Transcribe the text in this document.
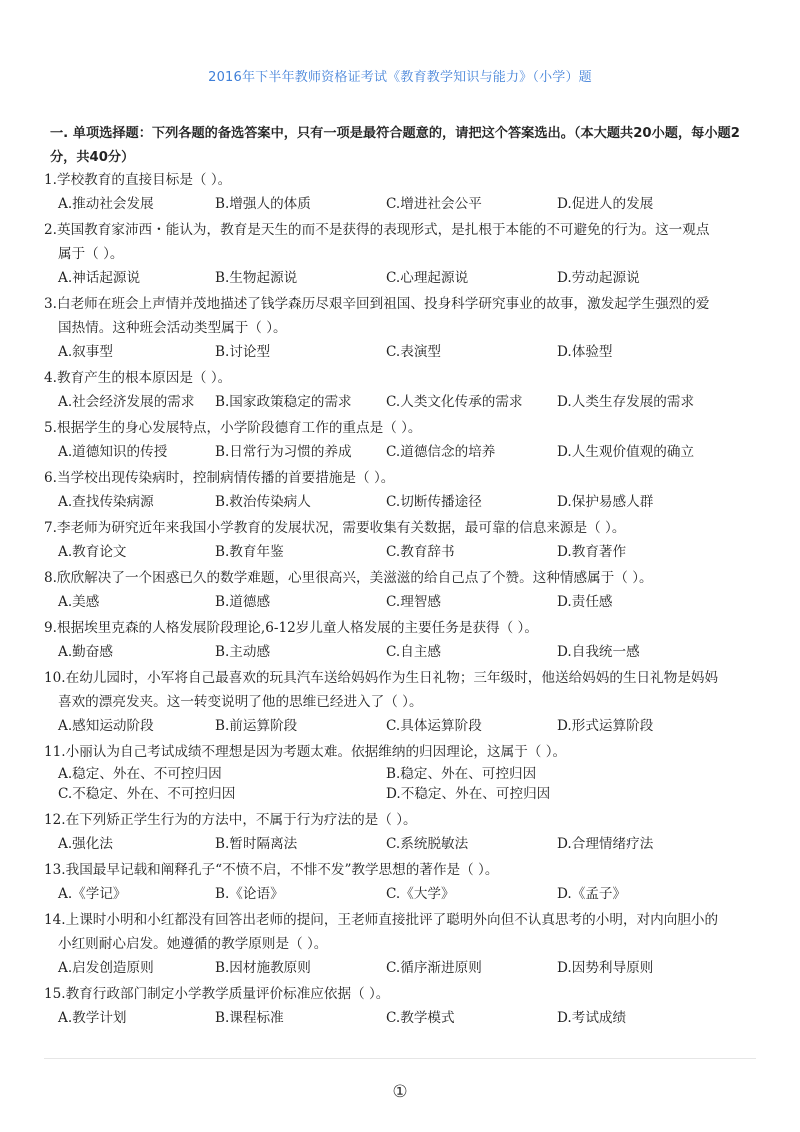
2016年下半年教师资格证考试《教育教学知识与能力》（小学）题
一. 单项选择题：下列各题的备选答案中，只有一项是最符合题意的，请把这个答案选出。（本大题共20小题，每小题2分，共40分）
1.学校教育的直接目标是（ ）。
A.推动社会发展	B.增强人的体质	C.增进社会公平	D.促进人的发展
2.英国教育家沛西・能认为，教育是天生的而不是获得的表现形式，是扎根于本能的不可避免的行为。这一观点
属于（ ）。
A.神话起源说	B.生物起源说	C.心理起源说	D.劳动起源说
3.白老师在班会上声情并茂地描述了钱学森历尽艰辛回到祖国、投身科学研究事业的故事，激发起学生强烈的爱
国热情。这种班会活动类型属于（ ）。
A.叙事型	B.讨论型	C.表演型	D.体验型
4.教育产生的根本原因是（ ）。
A.社会经济发展的需求	B.国家政策稳定的需求	C.人类文化传承的需求	D.人类生存发展的需求
5.根据学生的身心发展特点，小学阶段德育工作的重点是（ ）。
A.道德知识的传授	B.日常行为习惯的养成	C.道德信念的培养	D.人生观价值观的确立
6.当学校出现传染病时，控制病情传播的首要措施是（ ）。
A.查找传染病源	B.救治传染病人	C.切断传播途径	D.保护易感人群
7.李老师为研究近年来我国小学教育的发展状况，需要收集有关数据，最可靠的信息来源是（ ）。
A.教育论文	B.教育年鉴	C.教育辞书	D.教育著作
8.欣欣解决了一个困惑已久的数学难题，心里很高兴，美滋滋的给自己点了个赞。这种情感属于（ ）。
A.美感	B.道德感	C.理智感	D.责任感
9.根据埃里克森的人格发展阶段理论,6-12岁儿童人格发展的主要任务是获得（ ）。
A.勤奋感	B.主动感	C.自主感	D.自我统一感
10.在幼儿园时，小军将自己最喜欢的玩具汽车送给妈妈作为生日礼物；三年级时，他送给妈妈的生日礼物是妈妈
喜欢的漂亮发夹。这一转变说明了他的思维已经进入了（ ）。
A.感知运动阶段	B.前运算阶段	C.具体运算阶段	D.形式运算阶段
11.小丽认为自己考试成绩不理想是因为考题太难。依据维纳的归因理论，这属于（ ）。
A.稳定、外在、不可控归因	B.稳定、外在、可控归因
C.不稳定、外在、不可控归因	D.不稳定、外在、可控归因
12.在下列矫正学生行为的方法中，不属于行为疗法的是（ ）。
A.强化法	B.暂时隔离法	C.系统脱敏法	D.合理情绪疗法
13.我国最早记载和阐释孔子“不愤不启，不悱不发”教学思想的著作是（ ）。
A.《学记》	B.《论语》	C.《大学》	D.《孟子》
14.上课时小明和小红都没有回答出老师的提问，王老师直接批评了聪明外向但不认真思考的小明，对内向胆小的
小红则耐心启发。她遵循的教学原则是（ ）。
A.启发创造原则	B.因材施教原则	C.循序渐进原则	D.因势利导原则
15.教育行政部门制定小学教学质量评价标准应依据（ ）。
A.教学计划	B.课程标准	C.教学模式	D.考试成绩
①
